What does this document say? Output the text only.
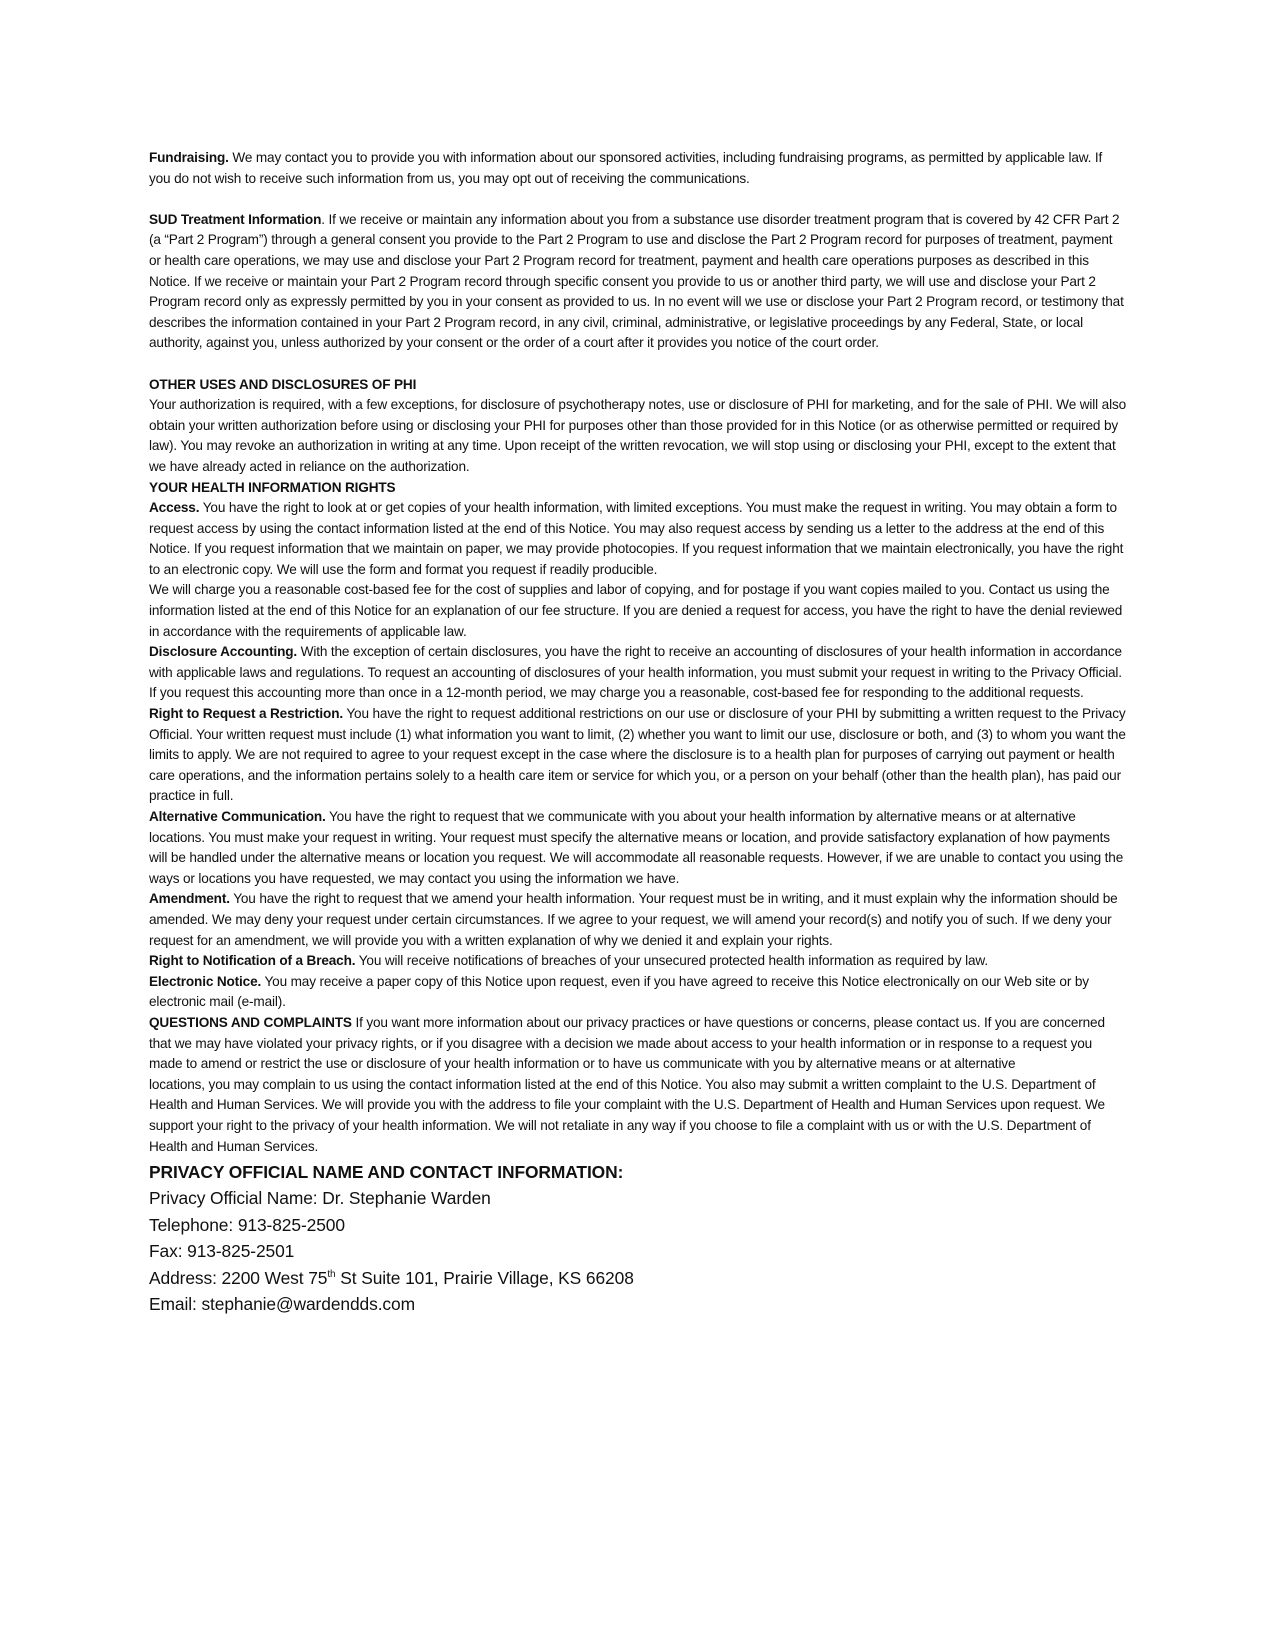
Fundraising. We may contact you to provide you with information about our sponsored activities, including fundraising programs, as permitted by applicable law. If you do not wish to receive such information from us, you may opt out of receiving the communications.

SUD Treatment Information. If we receive or maintain any information about you from a substance use disorder treatment program that is covered by 42 CFR Part 2 (a “Part 2 Program”) through a general consent you provide to the Part 2 Program to use and disclose the Part 2 Program record for purposes of treatment, payment or health care operations, we may use and disclose your Part 2 Program record for treatment, payment and health care operations purposes as described in this Notice. If we receive or maintain your Part 2 Program record through specific consent you provide to us or another third party, we will use and disclose your Part 2 Program record only as expressly permitted by you in your consent as provided to us. In no event will we use or disclose your Part 2 Program record, or testimony that describes the information contained in your Part 2 Program record, in any civil, criminal, administrative, or legislative proceedings by any Federal, State, or local authority, against you, unless authorized by your consent or the order of a court after it provides you notice of the court order.

OTHER USES AND DISCLOSURES OF PHI

Your authorization is required, with a few exceptions, for disclosure of psychotherapy notes, use or disclosure of PHI for marketing, and for the sale of PHI. We will also obtain your written authorization before using or disclosing your PHI for purposes other than those provided for in this Notice (or as otherwise permitted or required by law). You may revoke an authorization in writing at any time. Upon receipt of the written revocation, we will stop using or disclosing your PHI, except to the extent that we have already acted in reliance on the authorization.

YOUR HEALTH INFORMATION RIGHTS

Access. You have the right to look at or get copies of your health information, with limited exceptions. You must make the request in writing. You may obtain a form to request access by using the contact information listed at the end of this Notice. You may also request access by sending us a letter to the address at the end of this Notice. If you request information that we maintain on paper, we may provide photocopies. If you request information that we maintain electronically, you have the right to an electronic copy. We will use the form and format you request if readily producible.

We will charge you a reasonable cost-based fee for the cost of supplies and labor of copying, and for postage if you want copies mailed to you. Contact us using the information listed at the end of this Notice for an explanation of our fee structure. If you are denied a request for access, you have the right to have the denial reviewed in accordance with the requirements of applicable law.

Disclosure Accounting. With the exception of certain disclosures, you have the right to receive an accounting of disclosures of your health information in accordance with applicable laws and regulations. To request an accounting of disclosures of your health information, you must submit your request in writing to the Privacy Official. If you request this accounting more than once in a 12-month period, we may charge you a reasonable, cost-based fee for responding to the additional requests.

Right to Request a Restriction. You have the right to request additional restrictions on our use or disclosure of your PHI by submitting a written request to the Privacy Official. Your written request must include (1) what information you want to limit, (2) whether you want to limit our use, disclosure or both, and (3) to whom you want the limits to apply. We are not required to agree to your request except in the case where the disclosure is to a health plan for purposes of carrying out payment or health care operations, and the information pertains solely to a health care item or service for which you, or a person on your behalf (other than the health plan), has paid our practice in full.

Alternative Communication. You have the right to request that we communicate with you about your health information by alternative means or at alternative locations. You must make your request in writing. Your request must specify the alternative means or location, and provide satisfactory explanation of how payments will be handled under the alternative means or location you request. We will accommodate all reasonable requests. However, if we are unable to contact you using the ways or locations you have requested, we may contact you using the information we have.

Amendment. You have the right to request that we amend your health information. Your request must be in writing, and it must explain why the information should be amended. We may deny your request under certain circumstances. If we agree to your request, we will amend your record(s) and notify you of such. If we deny your request for an amendment, we will provide you with a written explanation of why we denied it and explain your rights.

Right to Notification of a Breach. You will receive notifications of breaches of your unsecured protected health information as required by law.

Electronic Notice. You may receive a paper copy of this Notice upon request, even if you have agreed to receive this Notice electronically on our Web site or by electronic mail (e-mail).

QUESTIONS AND COMPLAINTS If you want more information about our privacy practices or have questions or concerns, please contact us. If you are concerned that we may have violated your privacy rights, or if you disagree with a decision we made about access to your health information or in response to a request you made to amend or restrict the use or disclosure of your health information or to have us communicate with you by alternative means or at alternative

locations, you may complain to us using the contact information listed at the end of this Notice. You also may submit a written complaint to the U.S. Department of Health and Human Services. We will provide you with the address to file your complaint with the U.S. Department of Health and Human Services upon request. We support your right to the privacy of your health information. We will not retaliate in any way if you choose to file a complaint with us or with the U.S. Department of Health and Human Services.

PRIVACY OFFICIAL NAME AND CONTACT INFORMATION:

Privacy Official Name: Dr. Stephanie Warden

Telephone: 913-825-2500

Fax: 913-825-2501

Address: 2200 West 75th St Suite 101, Prairie Village, KS 66208

Email: stephanie@wardendds.com
